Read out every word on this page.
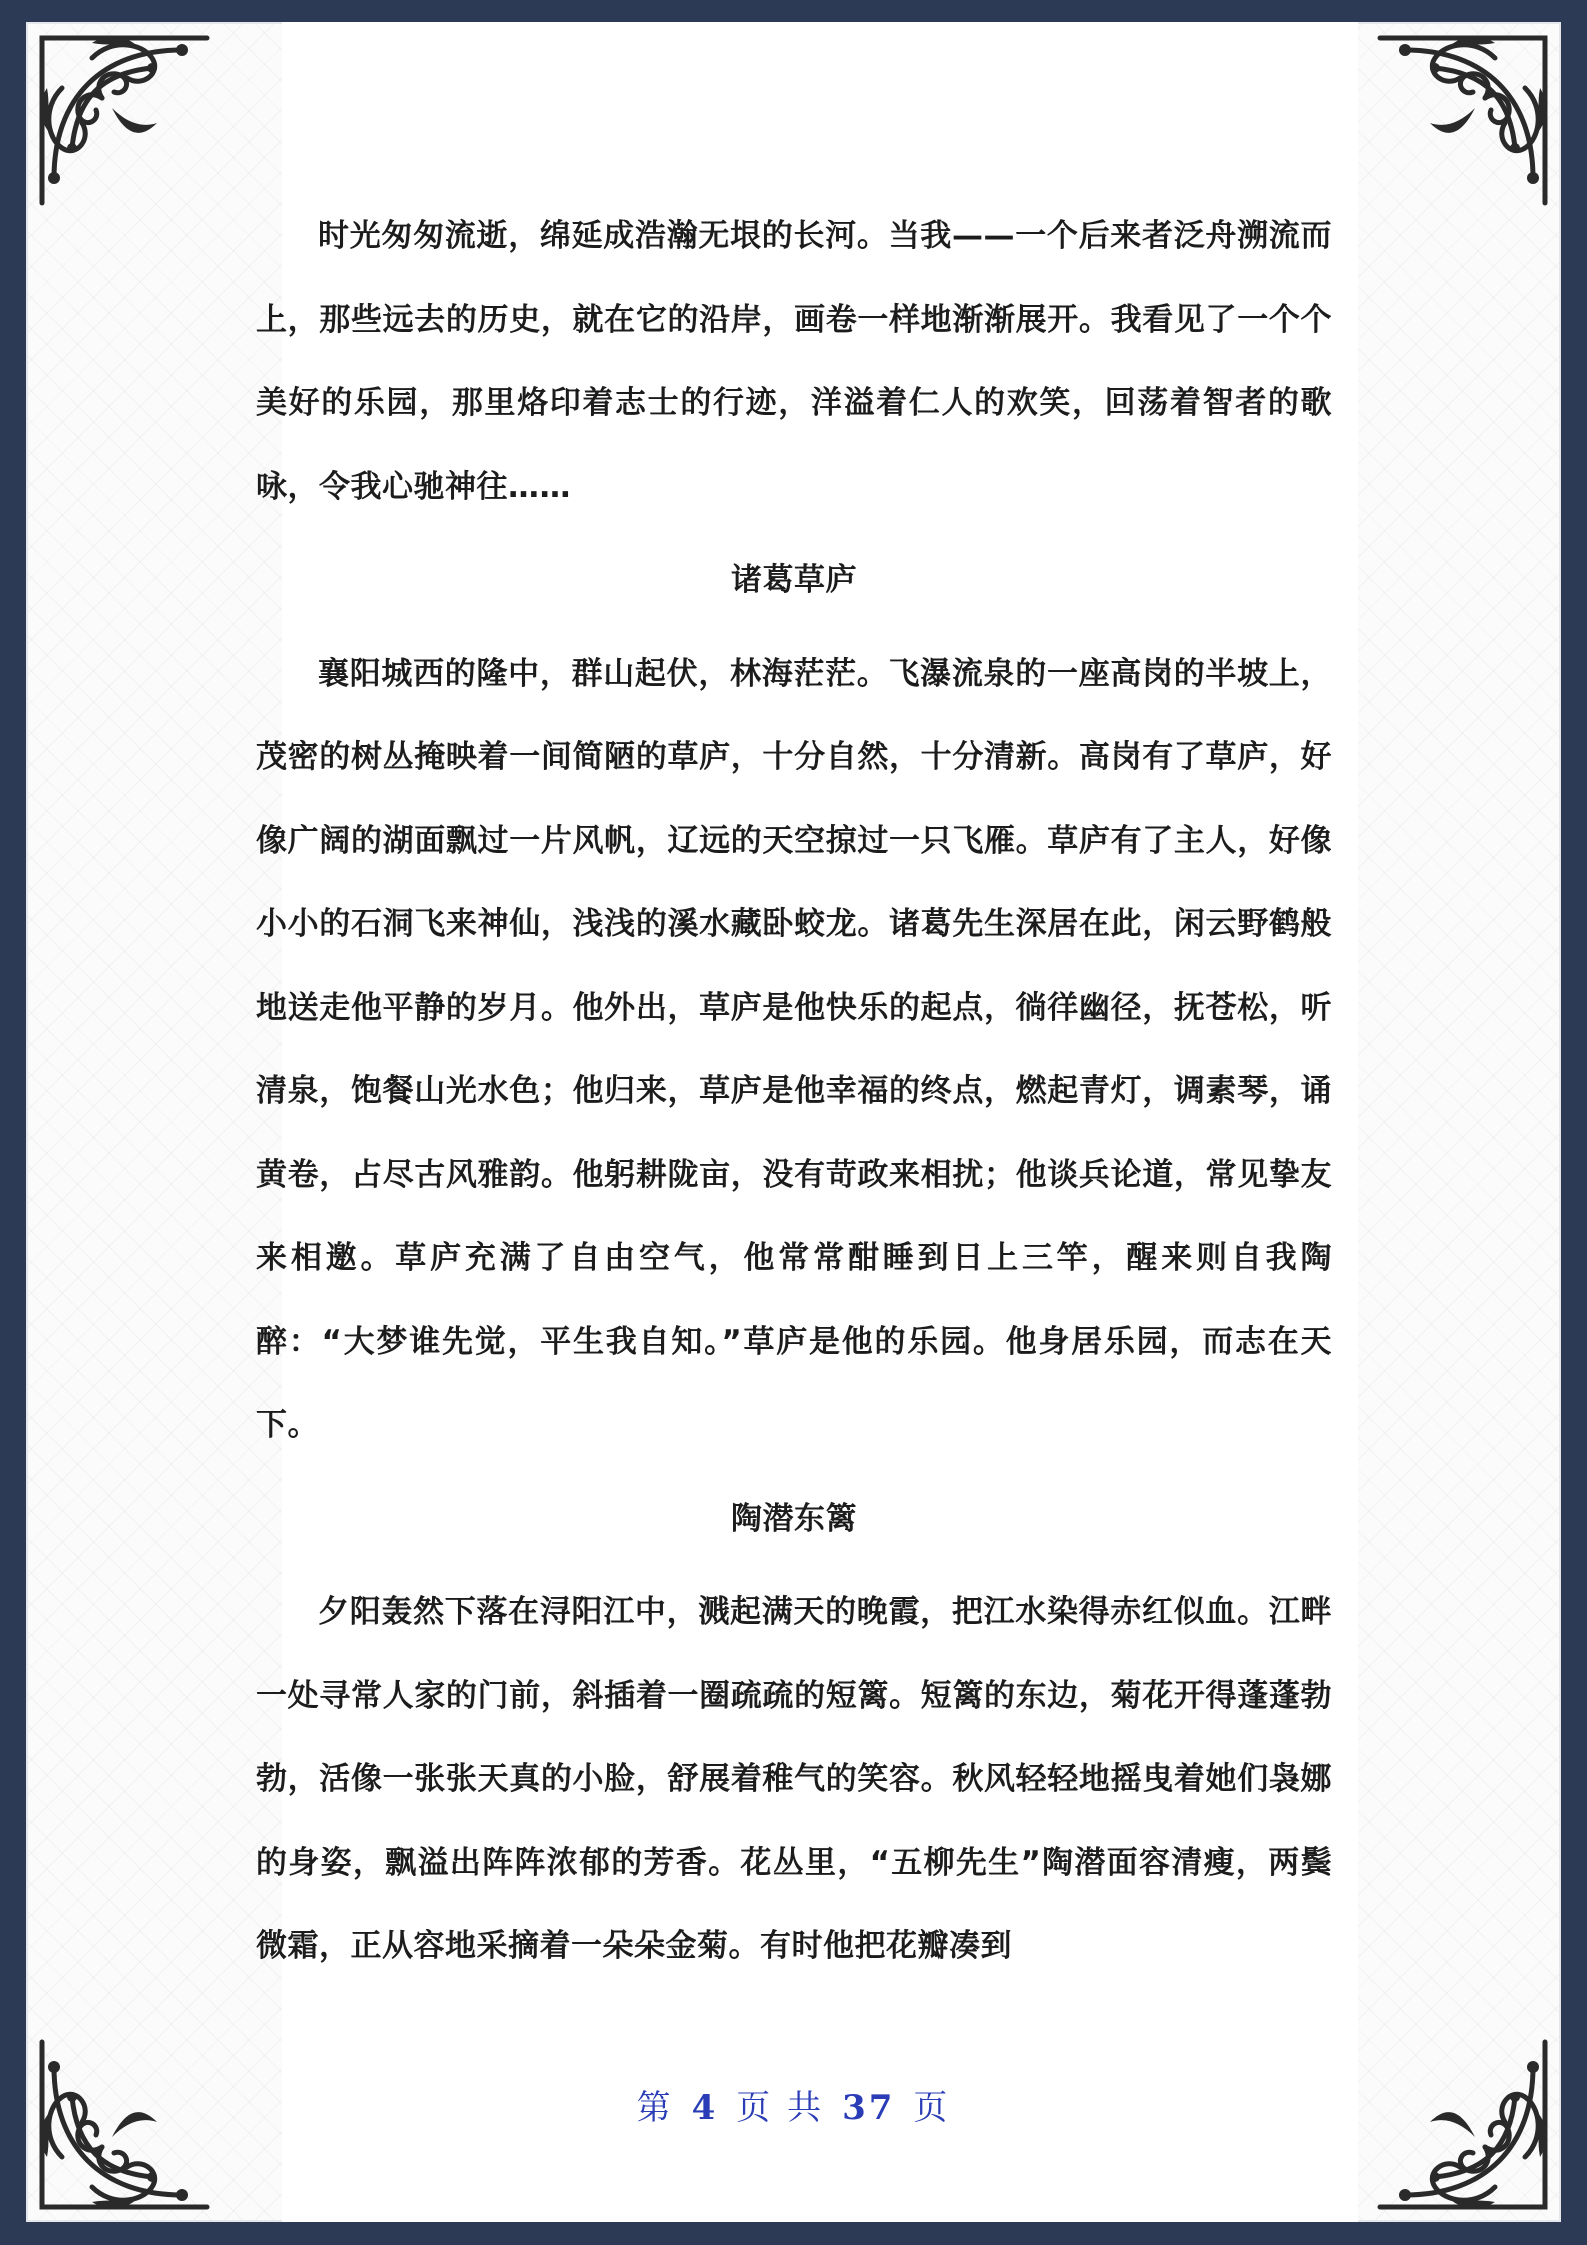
时光匆匆流逝，绵延成浩瀚无垠的长河。当我——一个后来者泛舟溯流而上，那些远去的历史，就在它的沿岸，画卷一样地渐渐展开。我看见了一个个美好的乐园，那里烙印着志士的行迹，洋溢着仁人的欢笑，回荡着智者的歌咏，令我心驰神往……

诸葛草庐

襄阳城西的隆中，群山起伏，林海茫茫。飞瀑流泉的一座高岗的半坡上，茂密的树丛掩映着一间简陋的草庐，十分自然，十分清新。高岗有了草庐，好像广阔的湖面飘过一片风帆，辽远的天空掠过一只飞雁。草庐有了主人，好像小小的石洞飞来神仙，浅浅的溪水藏卧蛟龙。诸葛先生深居在此，闲云野鹤般地送走他平静的岁月。他外出，草庐是他快乐的起点，徜徉幽径，抚苍松，听清泉，饱餐山光水色；他归来，草庐是他幸福的终点，燃起青灯，调素琴，诵黄卷，占尽古风雅韵。他躬耕陇亩，没有苛政来相扰；他谈兵论道，常见挚友来相邀。草庐充满了自由空气，他常常酣睡到日上三竿，醒来则自我陶醉：“大梦谁先觉，平生我自知。”草庐是他的乐园。他身居乐园，而志在天下。

陶潜东篱

夕阳轰然下落在浔阳江中，溅起满天的晚霞，把江水染得赤红似血。江畔一处寻常人家的门前，斜插着一圈疏疏的短篱。短篱的东边，菊花开得蓬蓬勃勃，活像一张张天真的小脸，舒展着稚气的笑容。秋风轻轻地摇曳着她们袅娜的身姿，飘溢出阵阵浓郁的芳香。花丛里，“五柳先生”陶潜面容清瘦，两鬓微霜，正从容地采摘着一朵朵金菊。有时他把花瓣凑到

第 4 页 共 37 页
